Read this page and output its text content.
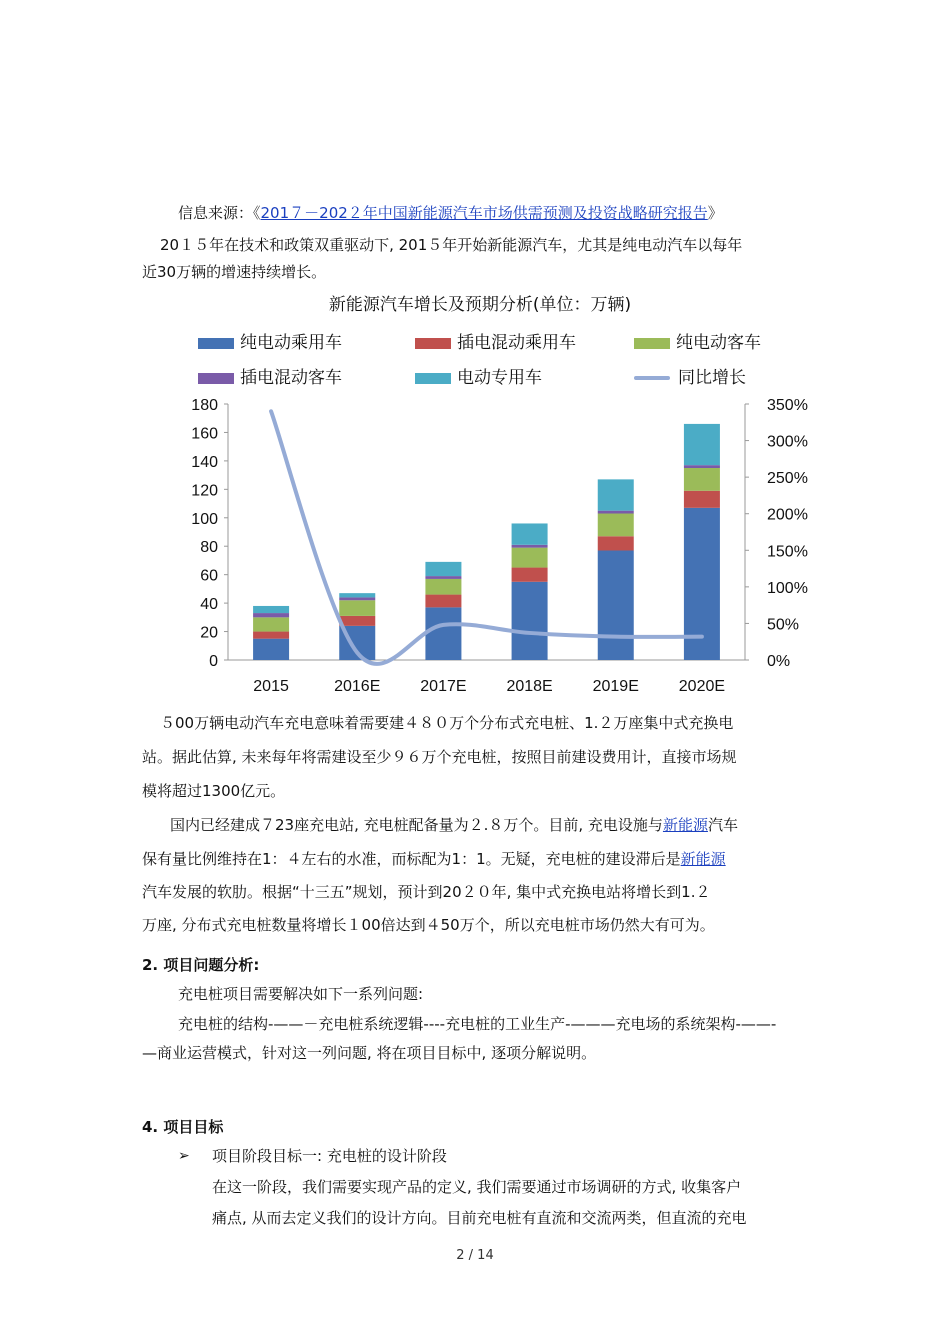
信息来源：《201７－202２年中国新能源汽车市场供需预测及投资战略研究报告》
20１５年在技术和政策双重驱动下, 201５年开始新能源汽车，尤其是纯电动汽车以每年
近30万辆的增速持续增长。
新能源汽车增长及预期分析(单位：万辆)
纯电动乘用车	插电混动乘用车	纯电动客车
插电混动客车	电动专用车	同比增长
0
20
40
60
80
100
120
140
160
180
0%
50%
100%
150%
200%
250%
300%
350%
2015	2016E 2017E 2018E 2019E 2020E
５00万辆电动汽车充电意味着需要建４８０万个分布式充电桩、1.２万座集中式充换电
站。据此估算, 未来每年将需建设至少９６万个充电桩，按照目前建设费用计，直接市场规
模将超过1300亿元。
国内已经建成７23座充电站, 充电桩配备量为２.８万个。目前, 充电设施与新能源汽车
保有量比例维持在1：４左右的水准，而标配为1：1。无疑，充电桩的建设滞后是新能源
汽车发展的软肋。根据“十三五”规划，预计到20２０年, 集中式充换电站将增长到1.２
万座, 分布式充电桩数量将增长１00倍达到４50万个，所以充电桩市场仍然大有可为。
2. 项目问题分析:
充电桩项目需要解决如下一系列问题:
充电桩的结构-——－充电桩系统逻辑----充电桩的工业生产-———充电场的系统架构-——-
—商业运营模式，针对这一列问题, 将在项目目标中, 逐项分解说明。
4. 项目目标
➢ 项目阶段目标一: 充电桩的设计阶段
在这一阶段，我们需要实现产品的定义, 我们需要通过市场调研的方式, 收集客户
痛点, 从而去定义我们的设计方向。目前充电桩有直流和交流两类，但直流的充电
2 / 14
